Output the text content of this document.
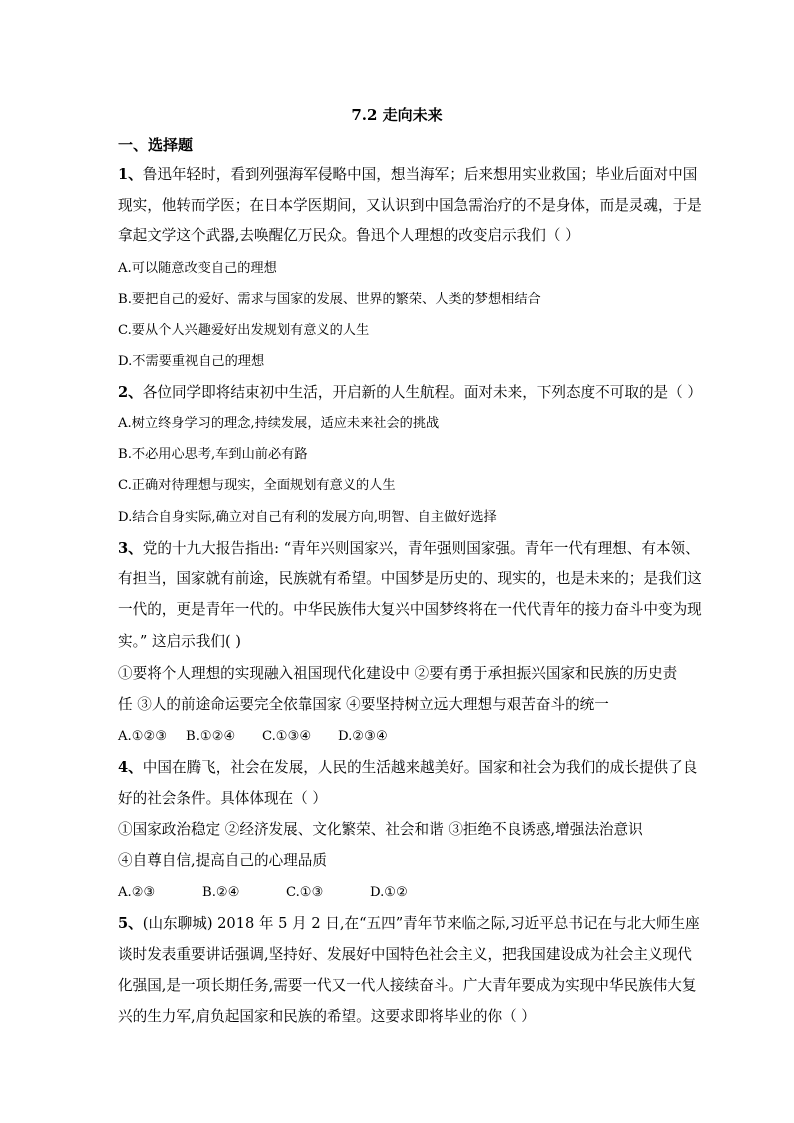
7.2 走向未来
一、选择题
1、鲁迅年轻时，看到列强海军侵略中国，想当海军；后来想用实业救国；毕业后面对中国
现实，他转而学医；在日本学医期间，又认识到中国急需治疗的不是身体，而是灵魂，于是
拿起文学这个武器,去唤醒亿万民众。鲁迅个人理想的改变启示我们（ ）
A.可以随意改变自己的理想
B.要把自己的爱好、需求与国家的发展、世界的繁荣、人类的梦想相结合
C.要从个人兴趣爱好出发规划有意义的人生
D.不需要重视自己的理想
2、各位同学即将结束初中生活，开启新的人生航程。面对未来，下列态度不可取的是（ ）
A.树立终身学习的理念,持续发展，适应未来社会的挑战
B.不必用心思考,车到山前必有路
C.正确对待理想与现实，全面规划有意义的人生
D.结合自身实际,确立对自己有利的发展方向,明智、自主做好选择
3、党的十九大报告指出: “青年兴则国家兴，青年强则国家强。青年一代有理想、有本领、
有担当，国家就有前途，民族就有希望。中国梦是历史的、现实的，也是未来的；是我们这
一代的，更是青年一代的。中华民族伟大复兴中国梦终将在一代代青年的接力奋斗中变为现
实。” 这启示我们( )
①要将个人理想的实现融入祖国现代化建设中 ②要有勇于承担振兴国家和民族的历史责
任 ③人的前途命运要完全依靠国家 ④要坚持树立远大理想与艰苦奋斗的统一
A.①②③ B.①②④ C.①③④ D.②③④
4、中国在腾飞，社会在发展，人民的生活越来越美好。国家和社会为我们的成长提供了良
好的社会条件。具体体现在（ ）
①国家政治稳定 ②经济发展、文化繁荣、社会和谐 ③拒绝不良诱惑,增强法治意识
④自尊自信,提高自己的心理品质
A.②③	B.②④	C.①③	D.①②
5、(山东聊城) 2018 年 5 月 2 日,在“五四”青年节来临之际,习近平总书记在与北大师生座
谈时发表重要讲话强调,坚持好、发展好中国特色社会主义，把我国建设成为社会主义现代
化强国,是一项长期任务,需要一代又一代人接续奋斗。广大青年要成为实现中华民族伟大复
兴的生力军,肩负起国家和民族的希望。这要求即将毕业的你（ ）
